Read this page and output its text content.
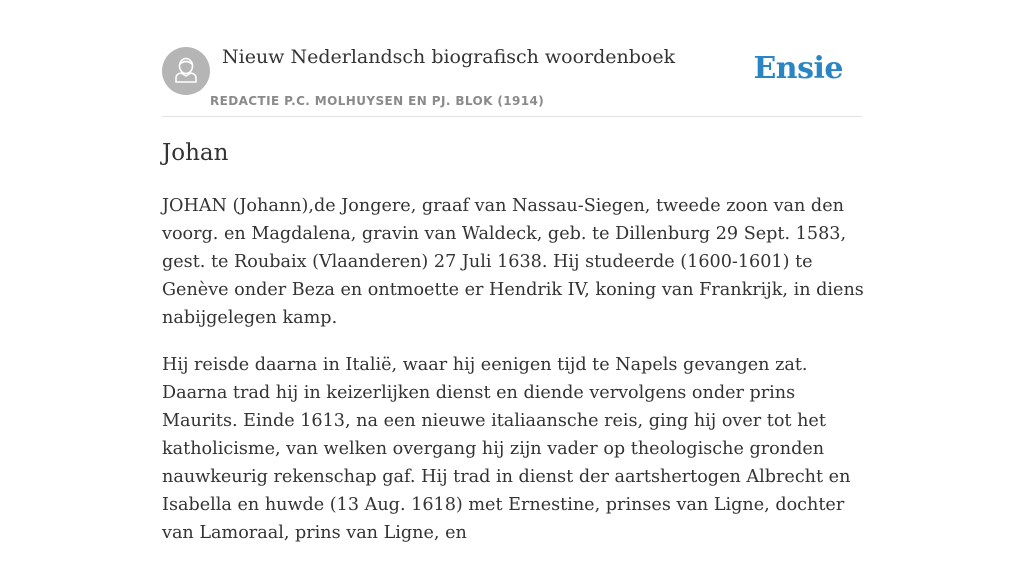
Nieuw Nederlandsch biografisch woordenboek
REDACTIE P.C. MOLHUYSEN EN PJ. BLOK (1914)
Ensie
Johan

JOHAN (Johann),de Jongere, graaf van Nassau-Siegen, tweede zoon van den voorg. en Magdalena, gravin van Waldeck, geb. te Dillenburg 29 Sept. 1583, gest. te Roubaix (Vlaanderen) 27 Juli 1638. Hij studeerde (1600-1601) te Genève onder Beza en ontmoette er Hendrik IV, koning van Frankrijk, in diens nabijgelegen kamp.

Hij reisde daarna in Italië, waar hij eenigen tijd te Napels gevangen zat. Daarna trad hij in keizerlijken dienst en diende vervolgens onder prins Maurits. Einde 1613, na een nieuwe italiaansche reis, ging hij over tot het katholicisme, van welken overgang hij zijn vader op theologische gronden nauwkeurig rekenschap gaf. Hij trad in dienst der aartshertogen Albrecht en Isabella en huwde (13 Aug. 1618) met Ernestine, prinses van Ligne, dochter van Lamoraal, prins van Ligne, en
